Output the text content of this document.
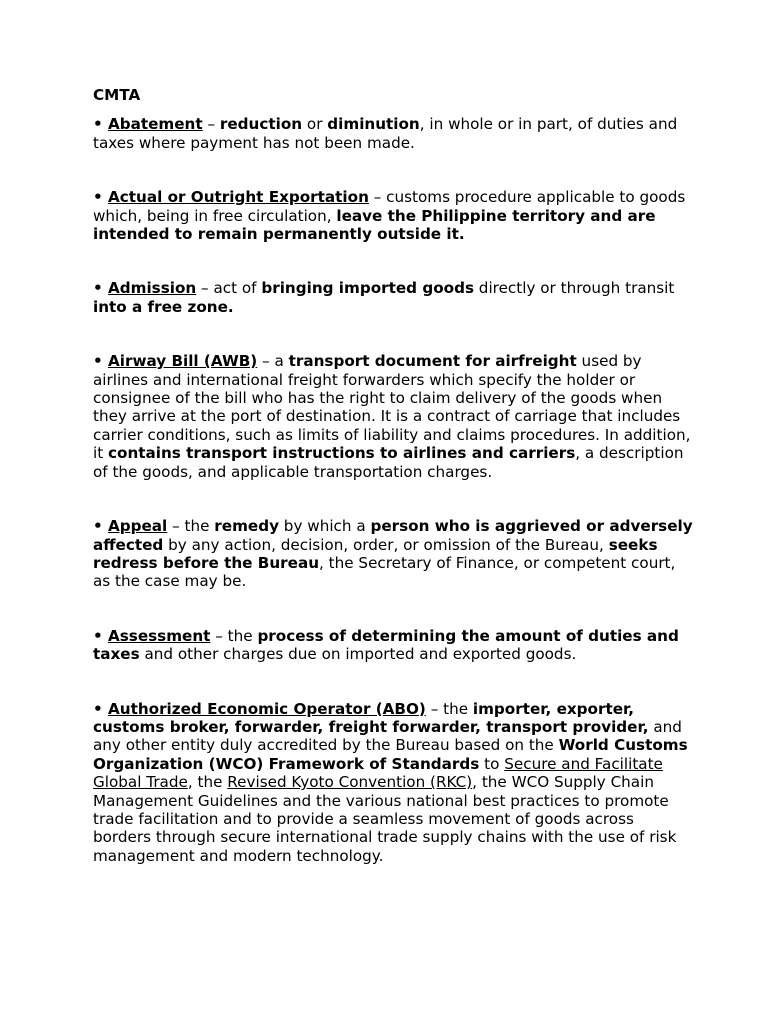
CMTA

• Abatement – reduction or diminution, in whole or in part, of duties and taxes where payment has not been made.

• Actual or Outright Exportation – customs procedure applicable to goods which, being in free circulation, leave the Philippine territory and are intended to remain permanently outside it.

• Admission – act of bringing imported goods directly or through transit into a free zone.

• Airway Bill (AWB) – a transport document for airfreight used by airlines and international freight forwarders which specify the holder or consignee of the bill who has the right to claim delivery of the goods when they arrive at the port of destination. It is a contract of carriage that includes carrier conditions, such as limits of liability and claims procedures. In addition, it contains transport instructions to airlines and carriers, a description of the goods, and applicable transportation charges.

• Appeal – the remedy by which a person who is aggrieved or adversely affected by any action, decision, order, or omission of the Bureau, seeks redress before the Bureau, the Secretary of Finance, or competent court, as the case may be.

• Assessment – the process of determining the amount of duties and taxes and other charges due on imported and exported goods.

• Authorized Economic Operator (ABO) – the importer, exporter, customs broker, forwarder, freight forwarder, transport provider, and any other entity duly accredited by the Bureau based on the World Customs Organization (WCO) Framework of Standards to Secure and Facilitate Global Trade, the Revised Kyoto Convention (RKC), the WCO Supply Chain Management Guidelines and the various national best practices to promote trade facilitation and to provide a seamless movement of goods across borders through secure international trade supply chains with the use of risk management and modern technology.
